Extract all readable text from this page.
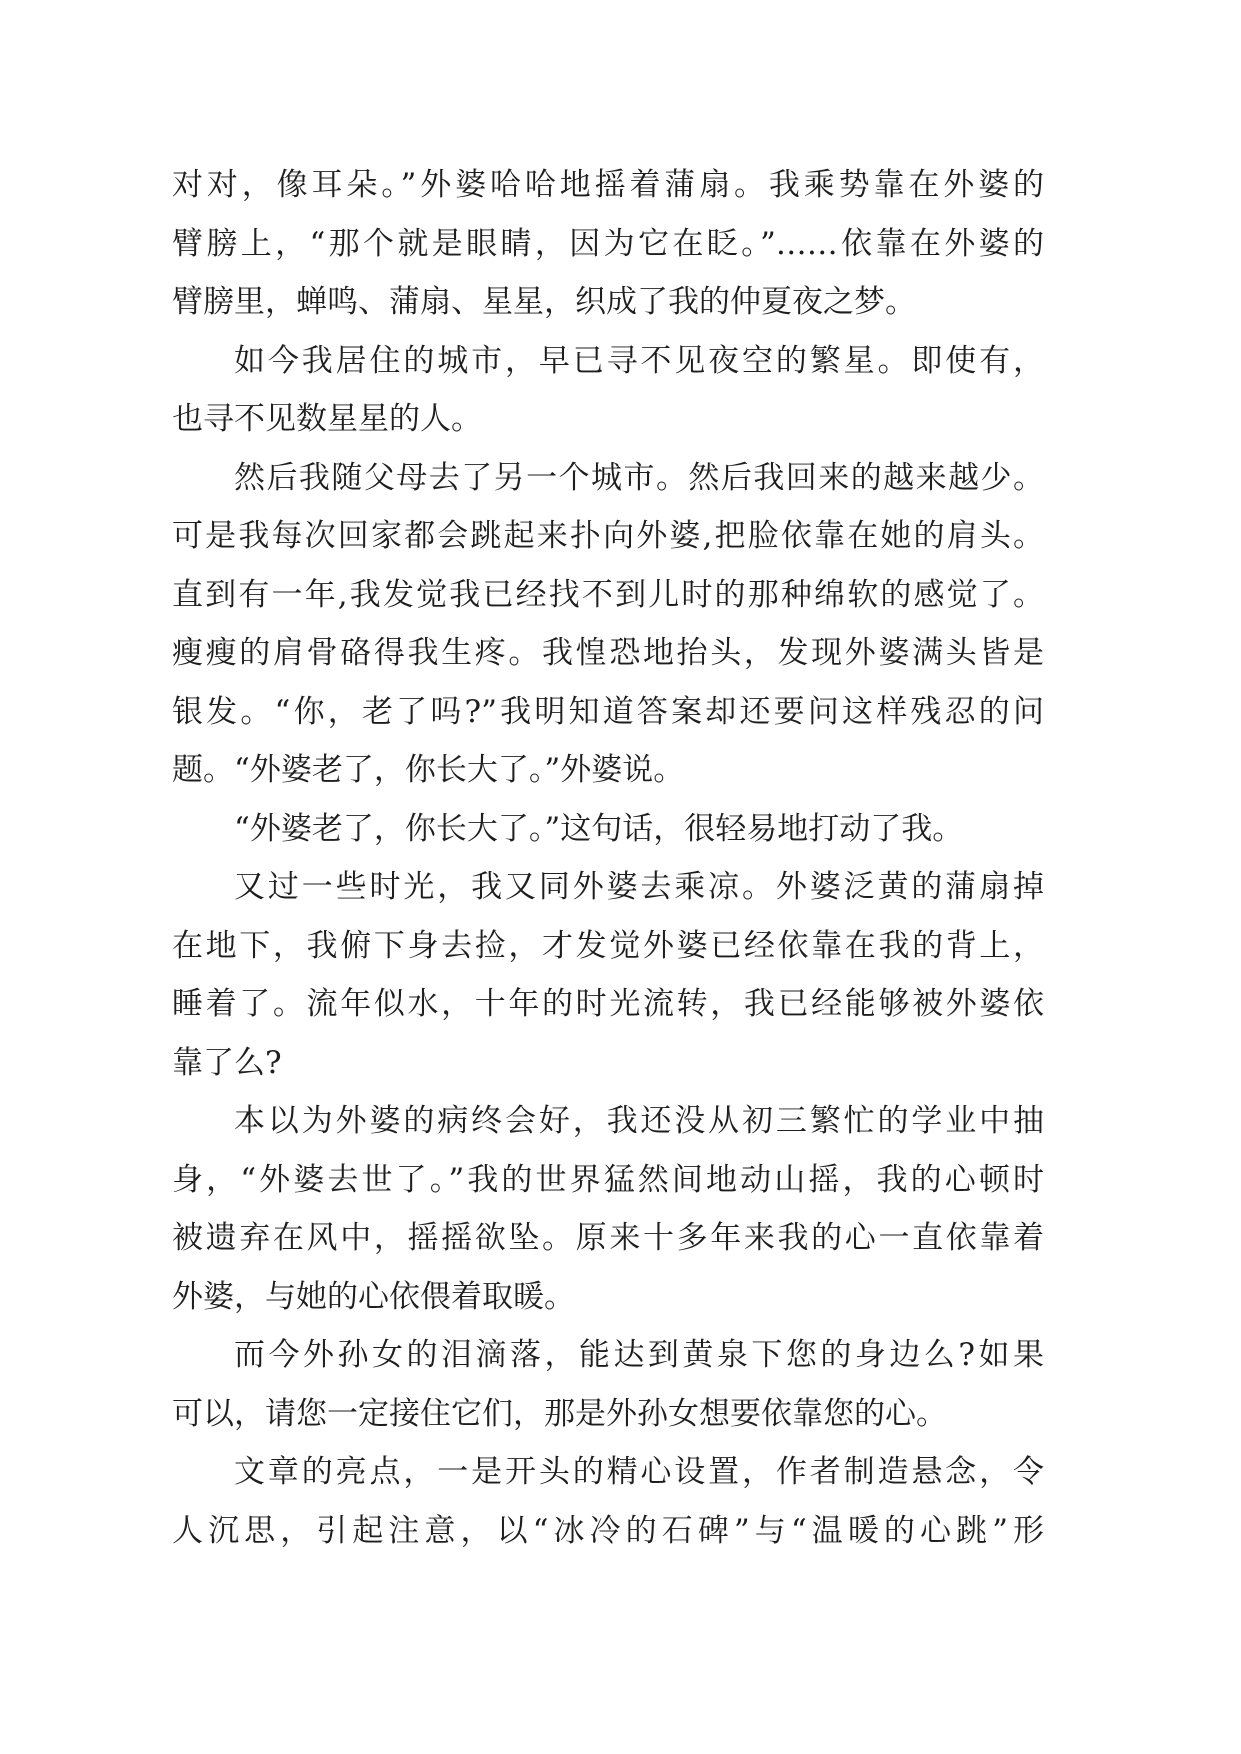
对对，像耳朵。”外婆哈哈地摇着蒲扇。我乘势靠在外婆的
臂膀上，“那个就是眼睛，因为它在眨。”……依靠在外婆的
臂膀里，蝉鸣、蒲扇、星星，织成了我的仲夏夜之梦。
如今我居住的城市，早已寻不见夜空的繁星。即使有，
也寻不见数星星的人。
然后我随父母去了另一个城市。然后我回来的越来越少。
可是我每次回家都会跳起来扑向外婆,把脸依靠在她的肩头。
直到有一年,我发觉我已经找不到儿时的那种绵软的感觉了。
瘦瘦的肩骨硌得我生疼。我惶恐地抬头，发现外婆满头皆是
银发。“你，老了吗?”我明知道答案却还要问这样残忍的问
题。“外婆老了，你长大了。”外婆说。
“外婆老了，你长大了。”这句话，很轻易地打动了我。
又过一些时光，我又同外婆去乘凉。外婆泛黄的蒲扇掉
在地下，我俯下身去捡，才发觉外婆已经依靠在我的背上，
睡着了。流年似水，十年的时光流转，我已经能够被外婆依
靠了么?
本以为外婆的病终会好，我还没从初三繁忙的学业中抽
身，“外婆去世了。”我的世界猛然间地动山摇，我的心顿时
被遗弃在风中，摇摇欲坠。原来十多年来我的心一直依靠着
外婆，与她的心依偎着取暖。
而今外孙女的泪滴落，能达到黄泉下您的身边么?如果
可以，请您一定接住它们，那是外孙女想要依靠您的心。
文章的亮点，一是开头的精心设置，作者制造悬念，令
人沉思，引起注意，以“冰冷的石碑”与“温暖的心跳”形
